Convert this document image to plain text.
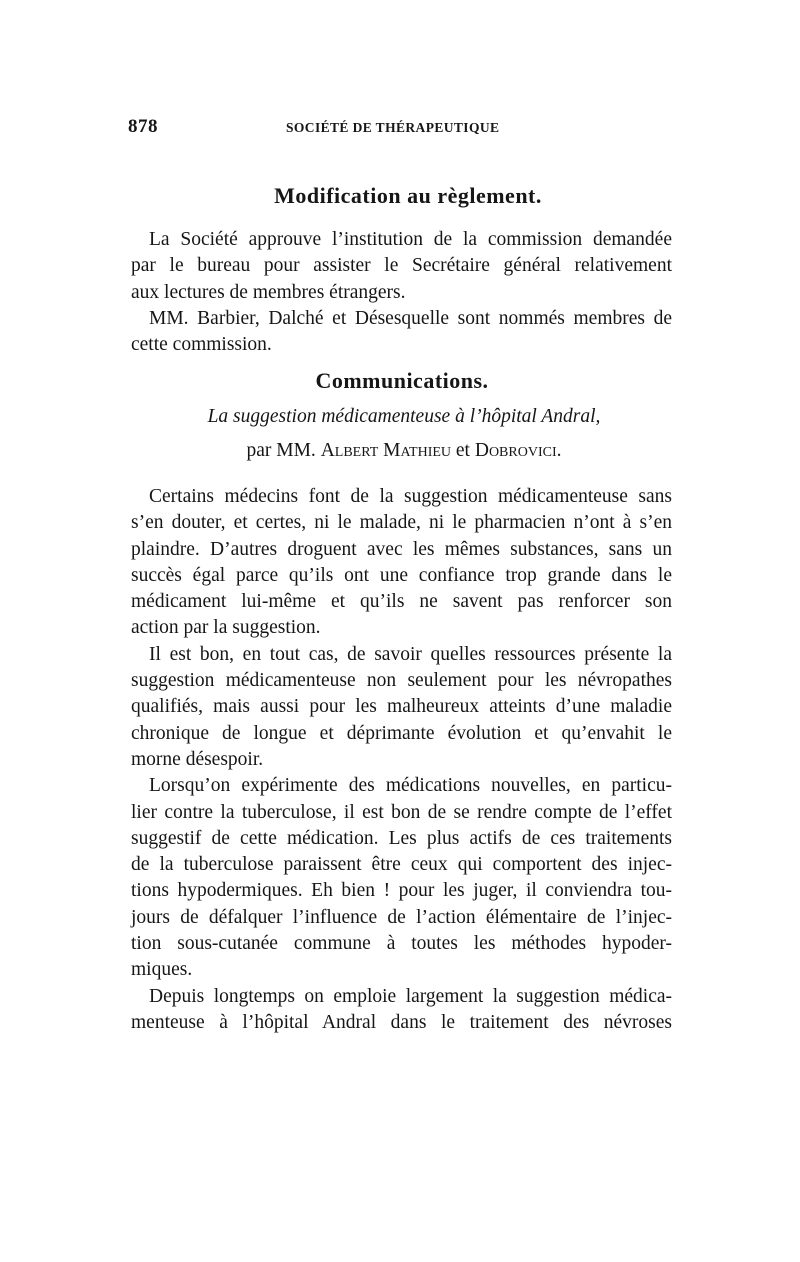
878	SOCIÉTÉ DE THÉRAPEUTIQUE
Modification au règlement.
La Société approuve l’institution de la commission demandée
par le bureau pour assister le Secrétaire général relativement
aux lectures de membres étrangers.
MM. Barbier, Dalché et Désesquelle sont nommés membres de
cette commission.
Communications.
La suggestion médicamenteuse à l’hôpital Andral,
par MM. Albert Mathieu et Dobrovici.
Certains médecins font de la suggestion médicamenteuse sans
s’en douter, et certes, ni le malade, ni le pharmacien n’ont à s’en
plaindre. D’autres droguent avec les mêmes substances, sans un
succès égal parce qu’ils ont une confiance trop grande dans le
médicament lui-même et qu’ils ne savent pas renforcer son
action par la suggestion.
Il est bon, en tout cas, de savoir quelles ressources présente la
suggestion médicamenteuse non seulement pour les névropathes
qualifiés, mais aussi pour les malheureux atteints d’une maladie
chronique de longue et déprimante évolution et qu’envahit le
morne désespoir.
Lorsqu’on expérimente des médications nouvelles, en particu-
lier contre la tuberculose, il est bon de se rendre compte de l’effet
suggestif de cette médication. Les plus actifs de ces traitements
de la tuberculose paraissent être ceux qui comportent des injec-
tions hypodermiques. Eh bien ! pour les juger, il conviendra tou-
jours de défalquer l’influence de l’action élémentaire de l’injec-
tion sous-cutanée commune à toutes les méthodes hypoder-
miques.
Depuis longtemps on emploie largement la suggestion médica-
menteuse à l’hôpital Andral dans le traitement des névroses
